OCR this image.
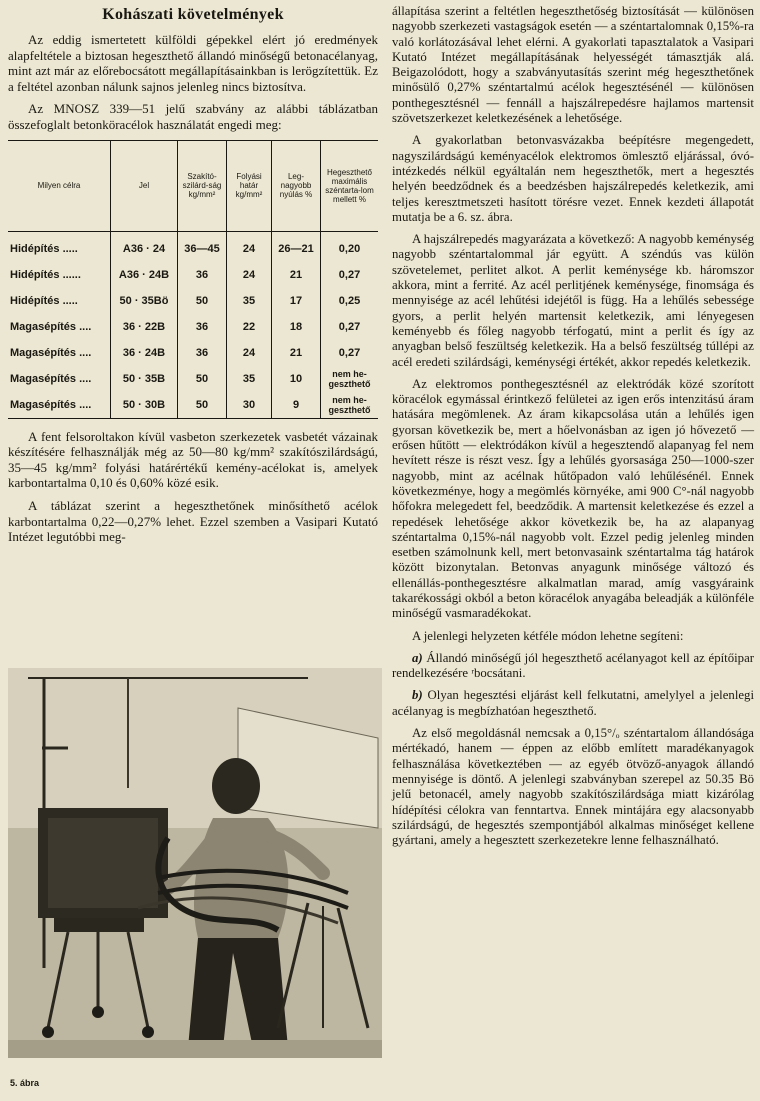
Kohászati követelmények

Az eddig ismertetett külföldi gépekkel elért jó eredmények alapfeltétele a biztosan hegeszthető állandó minőségű betonacélanyag, mint azt már az előrebocsátott megállapításainkban is lerögzítettük. Ez a feltétel azonban nálunk sajnos jelenleg nincs biztosítva.

Az MNOSZ 339—51 jelű szabvány az alábbi táblázatban összefoglalt betonköracélok használatát engedi meg:

Milyen célra	Jel	Szakító-szilárd-ság kg/mm²	Folyási határ kg/mm²	Leg-nagyobb nyúlás %	Hegeszthető maximális széntarta-lom mellett %
Hidépítés .....	A36 · 24	36—45	24	26—21	0,20
Hidépítés ......	A36 · 24B	36	24	21	0,27
Hidépítés .....	50 · 35Bö	50	35	17	0,25
Magasépítés ....	36 · 22B	36	22	18	0,27
Magasépítés ....	36 · 24B	36	24	21	0,27
Magasépítés ....	50 · 35B	50	35	10	nem he-geszthető
Magasépítés ....	50 · 30B	50	30	9	nem he-geszthető

A fent felsoroltakon kívül vasbeton szerkezetek vasbetét vázainak készítésére felhasználják még az 50—80 kg/mm² szakítószilárdságú, 35—45 kg/mm² folyási határértékű kemény-acélokat is, amelyek karbontartalma 0,10 és 0,60% közé esik.

A táblázat szerint a hegeszthetőnek minősíthető acélok karbontartalma 0,22—0,27% lehet. Ezzel szemben a Vasipari Kutató Intézet legutóbbi meg-

5. ábra

állapítása szerint a feltétlen hegeszthetőség biztosítását — különösen nagyobb szerkezeti vastagságok esetén — a széntartalomnak 0,15%-ra való korlátozásával lehet elérni. A gyakorlati tapasztalatok a Vasipari Kutató Intézet megállapításának helyességét támasztják alá. Beigazolódott, hogy a szabványutasítás szerint még hegeszthetőnek minősülő 0,27% széntartalmú acélok hegesztésénél — különösen ponthegesztésnél — fennáll a hajszálrepedésre hajlamos martensit szövetszerkezet keletkezésének a lehetősége.

A gyakorlatban betonvasvázakba beépítésre megengedett, nagyszilárdságú keményacélok elektromos ömlesztő eljárással, óvó-intézkedés nélkül egyáltalán nem hegeszthetők, mert a hegesztés helyén beedződnek és a beedzésben hajszálrepedés keletkezik, ami teljes keresztmetszeti hasított törésre vezet. Ennek kezdeti állapotát mutatja be a 6. sz. ábra.

A hajszálrepedés magyarázata a következő: A nagyobb keménység nagyobb széntartalommal jár együtt. A széndús vas külön szövetelemet, perlitet alkot. A perlit keménysége kb. háromszor akkora, mint a ferrité. Az acél perlitjének keménysége, finomsága és mennyisége az acél lehűtési idejétől is függ. Ha a lehűlés sebessége gyors, a perlit helyén martensit keletkezik, ami lényegesen keményebb és főleg nagyobb térfogatú, mint a perlit és így az anyagban belső feszültség keletkezik. Ha a belső feszültség túllépi az acél eredeti szilárdsági, keménységi értékét, akkor repedés keletkezik.

Az elektromos ponthegesztésnél az elektródák közé szorított köracélok egymással érintkező felületei az igen erős intenzitású áram hatására megömlenek. Az áram kikapcsolása után a lehűlés igen gyorsan következik be, mert a hőelvonásban az igen jó hővezető — erősen hűtött — elektródákon kívül a hegesztendő alapanyag fel nem hevített része is részt vesz. Így a lehűlés gyorsasága 250—1000-szer nagyobb, mint az acélnak hűtőpadon való lehűlésénél. Ennek következménye, hogy a megömlés környéke, ami 900 C°-nál nagyobb hőfokra melegedett fel, beedződik. A martensit keletkezése és ezzel a repedések lehetősége akkor következik be, ha az alapanyag széntartalma 0,15%-nál nagyobb volt. Ezzel pedig jelenleg minden esetben számolnunk kell, mert betonvasaink széntartalma tág határok között bizonytalan. Betonvas anyagunk minősége változó és ellenállás-ponthegesztésre alkalmatlan marad, amíg vasgyáraink takarékossági okból a beton köracélok anyagába beleadják a különféle minőségű vasmaradékokat.

A jelenlegi helyzeten kétféle módon lehetne segíteni:

a) Állandó minőségű jól hegeszthető acélanyagot kell az építőipar rendelkezésére ʳbocsátani.

b) Olyan hegesztési eljárást kell felkutatni, amelylyel a jelenlegi acélanyag is megbízhatóan hegeszthető.

Az első megoldásnál nemcsak a 0,15°/ₒ széntartalom állandósága mértékadó, hanem — éppen az előbb említett maradékanyagok felhasználása következtében — az egyéb ötvöző-anyagok állandó mennyisége is döntő. A jelenlegi szabványban szerepel az 50.35 Bö jelű betonacél, amely nagyobb szakítószilárdsága miatt kizárólag hídépítési célokra van fenntartva. Ennek mintájára egy alacsonyabb szilárdságú, de hegesztés szempontjából alkalmas minőséget kellene gyártani, amely a hegesztett szerkezetekre lenne felhasználható.
